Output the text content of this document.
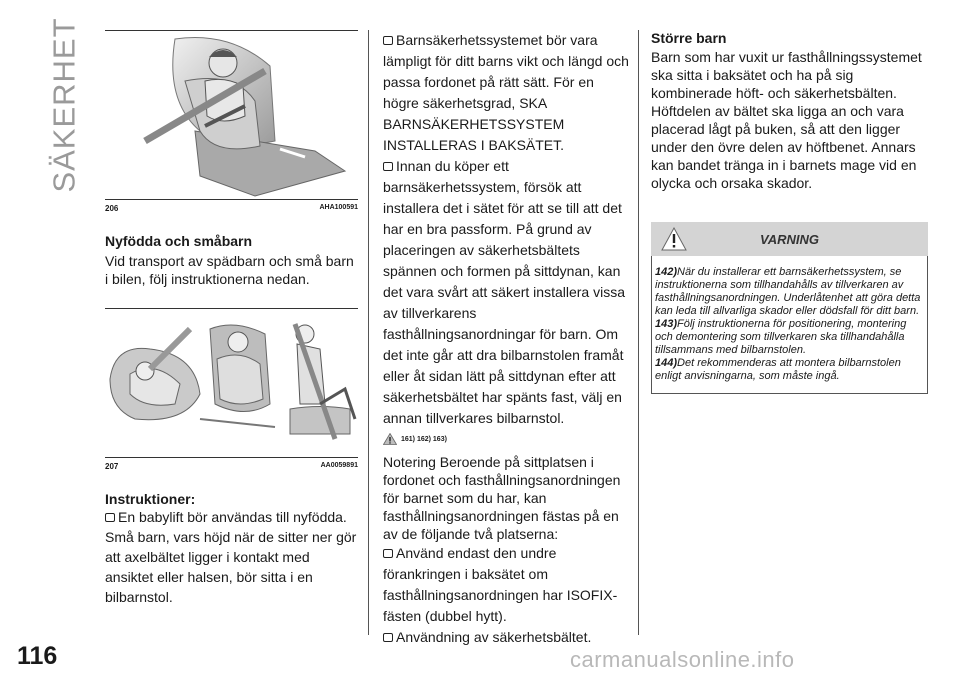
SÄKERHET
206	AHA100591
Nyfödda och småbarn

Vid transport av spädbarn och små barn i bilen, följ instruktionerna nedan.

207	AA0059891
Instruktioner:

En babylift bör användas till nyfödda. Små barn, vars höjd när de sitter ner gör att axelbältet ligger i kontakt med ansiktet eller halsen, bör sitta i en bilbarnstol.

Barnsäkerhetssystemet bör vara lämpligt för ditt barns vikt och längd och passa fordonet på rätt sätt. För en högre säkerhetsgrad, SKA BARNSÄKERHETSSYSTEM INSTALLERAS I BAKSÄTET.

Innan du köper ett barnsäkerhetssystem, försök att installera det i sätet för att se till att det har en bra passform. På grund av placeringen av säkerhetsbältets spännen och formen på sittdynan, kan det vara svårt att säkert installera vissa av tillverkarens fasthållningsanordningar för barn. Om det inte går att dra bilbarnstolen framåt eller åt sidan lätt på sittdynan efter att säkerhetsbältet har spänts fast, välj en annan tillverkares bilbarnstol.

161) 162) 163)

Notering Beroende på sittplatsen i fordonet och fasthållningsanordningen för barnet som du har, kan fasthållningsanordningen fästas på en av de följande två platserna:

Använd endast den undre förankringen i baksätet om fasthållningsanordningen har ISOFIX-fästen (dubbel hytt).

Användning av säkerhetsbältet.

Större barn

Barn som har vuxit ur fasthållningssystemet ska sitta i baksätet och ha på sig kombinerade höft- och säkerhetsbälten. Höftdelen av bältet ska ligga an och vara placerad lågt på buken, så att den ligger under den övre delen av höftbenet. Annars kan bandet tränga in i barnets mage vid en olycka och orsaka skador.

VARNING

142)När du installerar ett barnsäkerhetssystem, se instruktionerna som tillhandahålls av tillverkaren av fasthållningsanordningen. Underlåtenhet att göra detta kan leda till allvarliga skador eller dödsfall för ditt barn.

143)Följ instruktionerna för positionering, montering och demontering som tillverkaren ska tillhandahålla tillsammans med bilbarnstolen.

144)Det rekommenderas att montera bilbarnstolen enligt anvisningarna, som måste ingå.

116	carmanualsonline.info
